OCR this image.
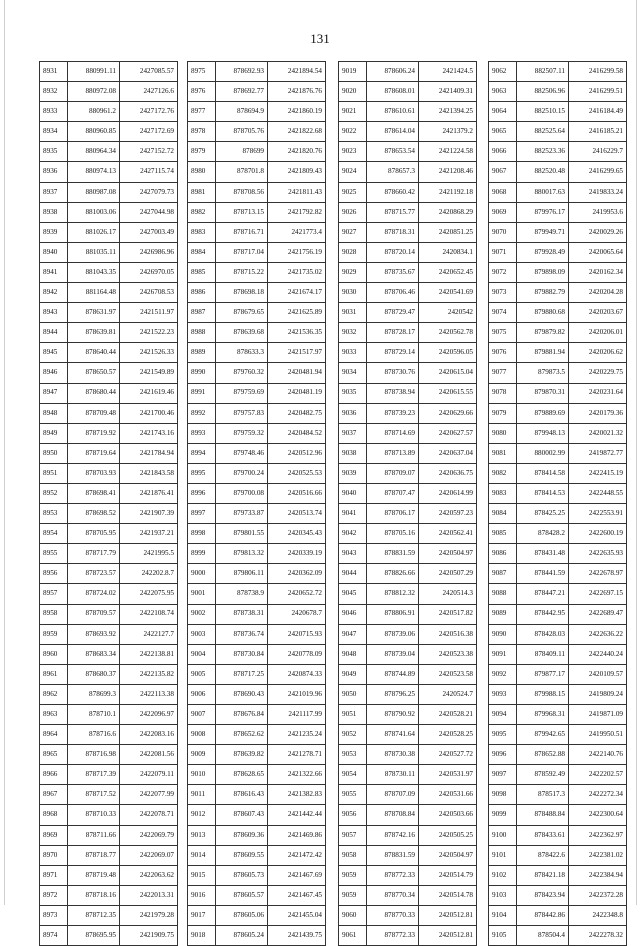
131
8931	880991.11	2427085.57
8932	880972.08	2427126.6
8933	880961.2	2427172.76
8934	880960.85	2427172.69
8935	880964.34	2427152.72
8936	880974.13	2427115.74
8937	880987.08	2427079.73
8938	881003.06	2427044.98
8939	881026.17	2427003.49
8940	881035.11	2426986.96
8941	881043.35	2426970.05
8942	881164.48	2426708.53
8943	878631.97	2421511.97
8944	878639.81	2421522.23
8945	878640.44	2421526.33
8946	878650.57	2421549.89
8947	878680.44	2421619.46
8948	878709.48	2421700.46
8949	878719.92	2421743.16
8950	878719.64	2421784.94
8951	878703.93	2421843.58
8952	878698.41	2421876.41
8953	878698.52	2421907.39
8954	878705.95	2421937.21
8955	878717.79	2421995.5
8956	878723.57	242202.8.7
8957	878724.02	2422075.95
8958	878709.57	2422108.74
8959	878693.92	2422127.7
8960	878683.34	2422138.81
8961	878680.37	2422135.82
8962	878699.3	2422113.38
8963	878710.1	2422096.97
8964	878716.6	2422083.16
8965	878716.98	2422081.56
8966	878717.39	2422079.11
8967	878717.52	2422077.99
8968	878710.33	2422078.71
8969	878711.66	2422069.79
8970	878718.77	2422069.07
8971	878719.48	2422063.62
8972	878718.16	2422013.31
8973	878712.35	2421979.28
8974	878695.95	2421909.75
8975	878692.93	2421894.54
8976	878692.77	2421876.76
8977	878694.9	2421860.19
8978	878705.76	2421822.68
8979	878699	2421820.76
8980	878701.8	2421809.43
8981	878708.56	2421811.43
8982	878713.15	2421792.82
8983	878716.71	2421773.4
8984	878717.04	2421756.19
8985	878715.22	2421735.02
8986	878698.18	2421674.17
8987	878679.65	2421625.89
8988	878639.68	2421536.35
8989	878633.3	2421517.97
8990	879760.32	2420481.94
8991	879759.69	2420481.19
8992	879757.83	2420482.75
8993	879759.32	2420484.52
8994	879748.46	2420512.96
8995	879700.24	2420525.53
8996	879700.08	2420516.66
8997	879733.87	2420513.74
8998	879801.55	2420345.43
8999	879813.32	2420339.19
9000	879806.11	2420362.09
9001	878738.9	2420652.72
9002	878738.31	2420678.7
9003	878736.74	2420715.93
9004	878730.84	2420778.09
9005	878717.25	2420874.33
9006	878690.43	2421019.96
9007	878676.84	2421117.99
9008	878652.62	2421235.24
9009	878639.82	2421278.71
9010	878628.65	2421322.66
9011	878616.43	2421382.83
9012	878607.43	2421442.44
9013	878609.36	2421469.86
9014	878609.55	2421472.42
9015	878605.73	2421467.69
9016	878605.57	2421467.45
9017	878605.06	2421455.04
9018	878605.24	2421439.75
9019	878606.24	2421424.5
9020	878608.01	2421409.31
9021	878610.61	2421394.25
9022	878614.04	2421379.2
9023	878653.54	2421224.58
9024	878657.3	2421208.46
9025	878660.42	2421192.18
9026	878715.77	2420868.29
9027	878718.31	2420851.25
9028	878720.14	2420834.1
9029	878735.67	2420652.45
9030	878706.46	2420541.69
9031	878729.47	2420542
9032	878728.17	2420562.78
9033	878729.14	2420596.05
9034	878730.76	2420615.04
9035	878738.94	2420615.55
9036	878739.23	2420629.66
9037	878714.69	2420627.57
9038	878713.89	2420637.04
9039	878709.07	2420636.75
9040	878707.47	2420614.99
9041	878706.17	2420597.23
9042	878705.16	2420562.41
9043	878831.59	2420504.97
9044	878826.66	2420507.29
9045	878812.32	2420514.3
9046	878806.91	2420517.82
9047	878739.06	2420516.38
9048	878739.04	2420523.38
9049	878744.89	2420523.58
9050	878796.25	2420524.7
9051	878790.92	2420528.21
9052	878741.64	2420528.25
9053	878730.38	2420527.72
9054	878730.11	2420531.97
9055	878707.09	2420531.66
9056	878708.84	2420503.66
9057	878742.16	2420505.25
9058	878831.59	2420504.97
9059	878772.33	2420514.79
9059	878770.34	2420514.78
9060	878770.33	2420512.81
9061	878772.33	2420512.81
9062	882507.11	2416299.58
9063	882506.96	2416299.51
9064	882510.15	2416184.49
9065	882525.64	2416185.21
9066	882523.36	2416229.7
9067	882520.48	2416299.65
9068	880017.63	2419833.24
9069	879976.17	2419953.6
9070	879949.71	2420029.26
9071	879928.49	2420065.64
9072	879898.09	2420162.34
9073	879882.79	2420204.28
9074	879880.68	2420203.67
9075	879879.82	2420206.01
9076	879881.94	2420206.62
9077	879873.5	2420229.75
9078	879870.31	2420231.64
9079	879889.69	2420179.36
9080	879948.13	2420021.32
9081	880002.99	2419872.77
9082	878414.58	2422415.19
9083	878414.53	2422448.55
9084	878425.25	2422553.91
9085	878428.2	2422600.19
9086	878431.48	2422635.93
9087	878441.59	2422678.97
9088	878447.21	2422697.15
9089	878442.95	2422689.47
9090	878428.03	2422636.22
9091	878409.11	2422440.24
9092	879877.17	2420109.57
9093	879988.15	2419809.24
9094	879968.31	2419871.09
9095	879942.65	2419950.51
9096	878652.88	2422140.76
9097	878592.49	2422202.57
9098	878517.3	2422272.34
9099	878488.84	2422300.64
9100	878433.61	2422362.97
9101	878422.6	2422381.02
9102	878421.18	2422384.94
9103	878423.94	2422372.28
9104	878442.86	2422348.8
9105	878504.4	2422278.32
